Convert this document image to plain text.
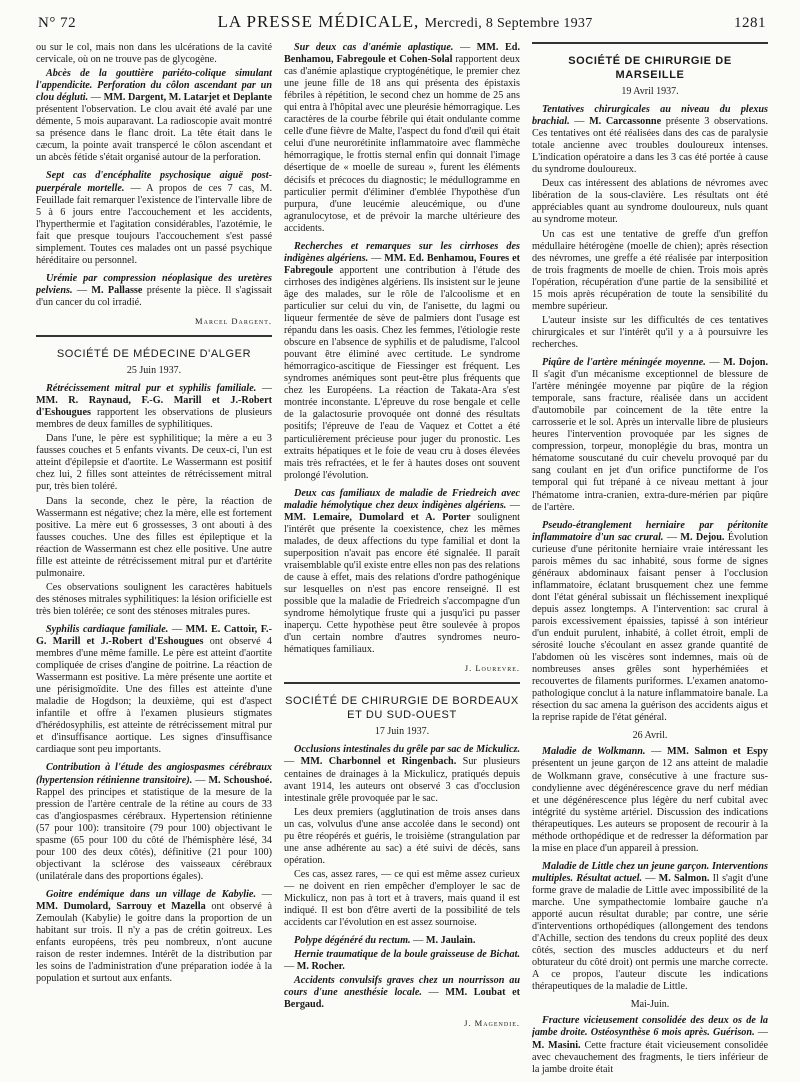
N° 72	LA PRESSE MÉDICALE, Mercredi, 8 Septembre 1937	1281

ou sur le col, mais non dans les ulcérations de la cavité cervicale, où on ne trouve pas de glycogène.

Abcès de la gouttière pariéto-colique simulant l'appendicite. Perforation du côlon ascendant par un clou dégluti. — MM. Dargent, M. Latarjet et Deplante présentent l'observation. Le clou avait été avalé par une démente, 5 mois auparavant. La radioscopie avait montré sa présence dans le flanc droit. La tête était dans le cæcum, la pointe avait transpercé le côlon ascendant et un abcès fétide s'était organisé autour de la perforation.

Sept cas d'encéphalite psychosique aiguë post-puerpérale mortelle. — A propos de ces 7 cas, M. Feuillade fait remarquer l'existence de l'intervalle libre de 5 à 6 jours entre l'accouchement et les accidents, l'hyperthermie et l'agitation considérables, l'azotémie, le fait que presque toujours l'accouchement s'est passé simplement. Toutes ces malades ont un passé psychique héréditaire ou personnel.

Urémie par compression néoplasique des uretères pelviens. — M. Pallasse présente la pièce. Il s'agissait d'un cancer du col irradié.

Marcel Dargent.
SOCIÉTÉ DE MÉDECINE D'ALGER
25 Juin 1937.

Rétrécissement mitral pur et syphilis familiale. — MM. R. Raynaud, F.-G. Marill et J.-Robert d'Eshougues rapportent les observations de plusieurs membres de deux familles de syphilitiques.

Dans l'une, le père est syphilitique; la mère a eu 3 fausses couches et 5 enfants vivants. De ceux-ci, l'un est atteint d'épilepsie et d'aortite. Le Wassermann est positif chez lui, 2 filles sont atteintes de rétrécissement mitral pur, très bien toléré.

Dans la seconde, chez le père, la réaction de Wassermann est négative; chez la mère, elle est fortement positive. La mère eut 6 grossesses, 3 ont abouti à des fausses couches. Une des filles est épileptique et la réaction de Wassermann est chez elle positive. Une autre fille est atteinte de rétrécissement mitral pur et d'artérite pulmonaire.

Ces observations soulignent les caractères habituels des sténoses mitrales syphilitiques: la lésion orificielle est très bien tolérée; ce sont des sténoses mitrales pures.

Syphilis cardiaque familiale. — MM. E. Cattoir, F.-G. Marill et J.-Robert d'Eshougues ont observé 4 membres d'une même famille. Le père est atteint d'aortite compliquée de crises d'angine de poitrine. La réaction de Wassermann est positive. La mère présente une aortite et une périsigmoïdite. Une des filles est atteinte d'une maladie de Hogdson; la deuxième, qui est d'aspect infantile et offre à l'examen plusieurs stigmates d'hérédosyphilis, est atteinte de rétrécissement mitral pur et d'insuffisance aortique. Les signes d'insuffisance cardiaque sont peu importants.

Contribution à l'étude des angiospasmes cérébraux (hypertension rétinienne transitoire). — M. Schoushoé. Rappel des principes et statistique de la mesure de la pression de l'artère centrale de la rétine au cours de 33 cas d'angiospasmes cérébraux. Hypertension rétinienne (57 pour 100): transitoire (79 pour 100) objectivant le spasme (65 pour 100 du côté de l'hémisphère lésé, 34 pour 100 des deux côtés), définitive (21 pour 100) objectivant la sclérose des vaisseaux cérébraux (unilatérale dans des proportions égales).

Goitre endémique dans un village de Kabylie. — MM. Dumolard, Sarrouy et Mazella ont observé à Zemoulah (Kabylie) le goitre dans la proportion de un habitant sur trois. Il n'y a pas de crétin goitreux. Les enfants européens, très peu nombreux, n'ont aucune raison de rester indemnes. Intérêt de la distribution par les soins de l'administration d'une préparation iodée à la population et surtout aux enfants.

Sur deux cas d'anémie aplastique. — MM. Ed. Benhamou, Fabregoule et Cohen-Solal rapportent deux cas d'anémie aplastique cryptogénétique, le premier chez une jeune fille de 18 ans qui présenta des épistaxis fébriles à répétition, le second chez un homme de 25 ans qui entra à l'hôpital avec une pleurésie hémorragique. Les caractères de la courbe fébrile qui était ondulante comme celle d'une fièvre de Malte, l'aspect du fond d'œil qui était celui d'une neurorétinite inflammatoire avec flammèche hémorragique, le frottis sternal enfin qui donnait l'image désertique de « moelle de sureau », furent les éléments décisifs et précoces du diagnostic; le médullogramme en particulier permit d'éliminer d'emblée l'hypothèse d'un purpura, d'une leucémie aleucémique, ou d'une agranulocytose, et de prévoir la marche ultérieure des accidents.

Recherches et remarques sur les cirrhoses des indigènes algériens. — MM. Ed. Benhamou, Foures et Fabregoule apportent une contribution à l'étude des cirrhoses des indigènes algériens. Ils insistent sur le jeune âge des malades, sur le rôle de l'alcoolisme et en particulier sur celui du vin, de l'anisette, du lagmi ou liqueur fermentée de sève de palmiers dont l'usage est répandu dans les oasis. Chez les femmes, l'étiologie reste obscure en l'absence de syphilis et de paludisme, l'alcool pouvant être éliminé avec certitude. Le syndrome hémorragico-ascitique de Fiessinger est fréquent. Les syndromes anémiques sont peut-être plus fréquents que chez les Européens. La réaction de Takata-Ara s'est montrée inconstante. L'épreuve du rose bengale et celle de la galactosurie provoquée ont donné des résultats positifs; l'épreuve de l'eau de Vaquez et Cottet a été particulièrement précieuse pour juger du pronostic. Les extraits hépatiques et le foie de veau cru à doses élevées mais très refractées, et le fer à hautes doses ont souvent prolongé l'évolution.

Deux cas familiaux de maladie de Friedreich avec maladie hémolytique chez deux indigènes algériens. — MM. Lemaire, Dumolard et A. Porter soulignent l'intérêt que présente la coexistence, chez les mêmes malades, de deux affections du type familial et dont la superposition n'avait pas encore été signalée. Il paraît vraisemblable qu'il existe entre elles non pas des relations de cause à effet, mais des relations d'ordre pathogénique sur lesquelles on n'est pas encore renseigné. Il est possible que la maladie de Friedreich s'accompagne d'un syndrome hémolytique fruste qui a jusqu'ici pu passer inaperçu. Cette hypothèse peut être soulevée à propos d'un certain nombre d'autres syndromes neuro-hématiques familiaux.

J. Lourevre.
SOCIÉTÉ DE CHIRURGIE DE BORDEAUX ET DU SUD-OUEST
17 Juin 1937.

Occlusions intestinales du grêle par sac de Mickulicz. — MM. Charbonnel et Ringenbach. Sur plusieurs centaines de drainages à la Mickulicz, pratiqués depuis avant 1914, les auteurs ont observé 3 cas d'occlusion intestinale grêle provoquée par le sac.

Les deux premiers (agglutination de trois anses dans un cas, volvulus d'une anse accolée dans le second) ont pu être réopérés et guéris, le troisième (strangulation par une anse adhérente au sac) a été suivi de décès, sans opération.

Ces cas, assez rares, — ce qui est même assez curieux — ne doivent en rien empêcher d'employer le sac de Mickulicz, non pas à tort et à travers, mais quand il est indiqué. Il est bon d'être averti de la possibilité de tels accidents car l'évolution en est assez sournoise.

Polype dégénéré du rectum. — M. Jaulain.

Hernie traumatique de la boule graisseuse de Bichat. — M. Rocher.

Accidents convulsifs graves chez un nourrisson au cours d'une anesthésie locale. — MM. Loubat et Bergaud.

J. Magendie.
SOCIÉTÉ DE CHIRURGIE DE MARSEILLE
19 Avril 1937.

Tentatives chirurgicales au niveau du plexus brachial. — M. Carcassonne présente 3 observations. Ces tentatives ont été réalisées dans des cas de paralysie totale ancienne avec troubles douloureux intenses. L'indication opératoire a dans les 3 cas été portée à cause du syndrome douloureux.

Deux cas intéressent des ablations de névromes avec libération de la sous-clavière. Les résultats ont été appréciables quant au syndrome douloureux, nuls quant au syndrome moteur.

Un cas est une tentative de greffe d'un greffon médullaire hétérogène (moelle de chien); après résection des névromes, une greffe a été réalisée par interposition de trois fragments de moelle de chien. Trois mois après l'opération, récupération d'une partie de la sensibilité et 15 mois après récupération de toute la sensibilité du membre supérieur.

L'auteur insiste sur les difficultés de ces tentatives chirurgicales et sur l'intérêt qu'il y a à poursuivre les recherches.

Piqûre de l'artère méningée moyenne. — M. Dojon. Il s'agit d'un mécanisme exceptionnel de blessure de l'artère méningée moyenne par piqûre de la région temporale, sans fracture, réalisée dans un accident d'automobile par coincement de la tête entre la carrosserie et le sol. Après un intervalle libre de plusieurs heures l'intervention provoquée par les signes de compression, torpeur, monoplégie du bras, montra un hématome souscutané du cuir chevelu provoqué par du sang coulant en jet d'un orifice punctiforme de l'os temporal qui fut trépané à ce niveau mettant à jour l'hématome intra-cranien, extra-dure-mérien par piqûre de l'artère.

Pseudo-étranglement herniaire par péritonite inflammatoire d'un sac crural. — M. Dejou. Évolution curieuse d'une péritonite herniaire vraie intéressant les parois mêmes du sac inhabité, sous forme de signes généraux abdominaux faisant penser à l'occlusion inflammatoire, éclatant brusquement chez une femme dont l'état général subissait un fléchissement inexpliqué depuis assez longtemps. A l'intervention: sac crural à parois excessivement épaissies, tapissé à son intérieur d'un enduit purulent, inhabité, à collet étroit, empli de sérosité louche s'écoulant en assez grande quantité de l'abdomen où les viscères sont indemnes, mais où de nombreuses anses grêles sont hyperhémiées et recouvertes de filaments puriformes. L'examen anatomo-pathologique conclut à la nature inflammatoire banale. La résection du sac amena la guérison des accidents aigus et la reprise rapide de l'état général.

26 Avril.

Maladie de Wolkmann. — MM. Salmon et Espy présentent un jeune garçon de 12 ans atteint de maladie de Wolkmann grave, consécutive à une fracture sus-condylienne avec dégénérescence grave du nerf médian et une dégénérescence plus légère du nerf cubital avec intégrité du système artériel. Discussion des indications thérapeutiques. Les auteurs se proposent de recourir à la méthode orthopédique et de redresser la déformation par la mise en place d'un appareil à pression.

Maladie de Little chez un jeune garçon. Interventions multiples. Résultat actuel. — M. Salmon. Il s'agit d'une forme grave de maladie de Little avec impossibilité de la marche. Une sympathectomie lombaire gauche n'a apporté aucun résultat durable; par contre, une série d'interventions orthopédiques (allongement des tendons d'Achille, section des tendons du creux poplité des deux côtés, section des muscles adducteurs et du nerf obturateur du côté droit) ont permis une marche correcte. A ce propos, l'auteur discute les indications thérapeutiques de la maladie de Little.

Mai-Juin.

Fracture vicieusement consolidée des deux os de la jambe droite. Ostéosynthèse 6 mois après. Guérison. — M. Masini. Cette fracture était vicieusement consolidée avec chevauchement des fragments, le tiers inférieur de la jambe droite était
